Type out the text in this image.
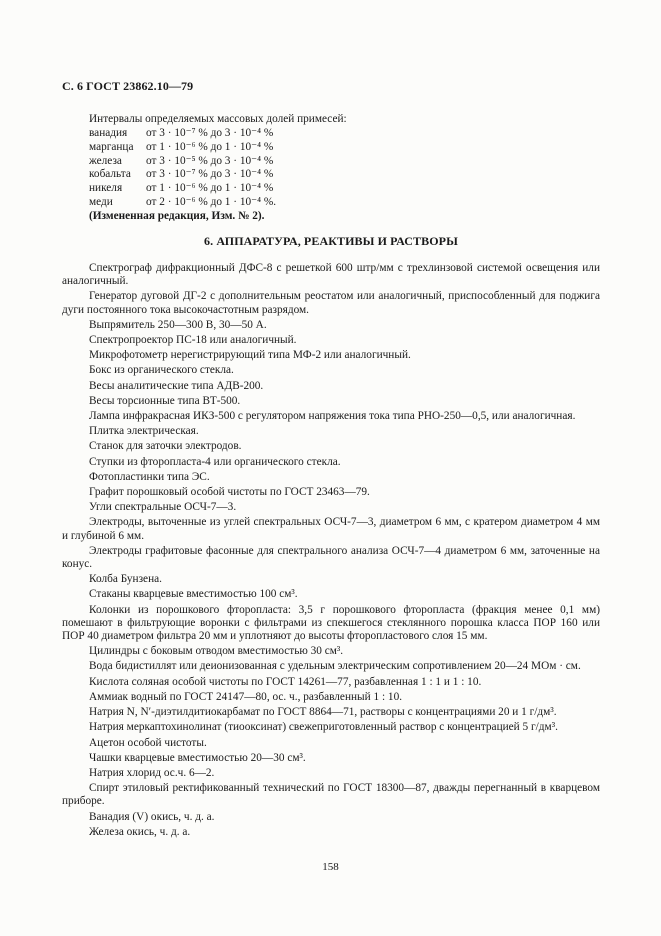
С. 6 ГОСТ 23862.10—79
Интервалы определяемых массовых долей примесей:
ванадия	от 3 · 10⁻⁷ % до 3 · 10⁻⁴ %
марганца	от 1 · 10⁻⁶ % до 1 · 10⁻⁴ %
железа	от 3 · 10⁻⁵ % до 3 · 10⁻⁴ %
кобальта	от 3 · 10⁻⁷ % до 3 · 10⁻⁴ %
никеля	от 1 · 10⁻⁶ % до 1 · 10⁻⁴ %
меди	от 2 · 10⁻⁶ % до 1 · 10⁻⁴ %.
(Измененная редакция, Изм. № 2).	
6. АППАРАТУРА, РЕАКТИВЫ И РАСТВОРЫ

Спектрограф дифракционный ДФС-8 с решеткой 600 штр/мм с трехлинзовой системой освещения или аналогичный.

Генератор дуговой ДГ-2 с дополнительным реостатом или аналогичный, приспособленный для поджига дуги постоянного тока высокочастотным разрядом.

Выпрямитель 250—300 В, 30—50 А.

Спектропроектор ПС-18 или аналогичный.

Микрофотометр нерегистрирующий типа МФ-2 или аналогичный.

Бокс из органического стекла.

Весы аналитические типа АДВ-200.

Весы торсионные типа ВТ-500.

Лампа инфракрасная ИКЗ-500 с регулятором напряжения тока типа РНО-250—0,5, или аналогичная.

Плитка электрическая.

Станок для заточки электродов.

Ступки из фторопласта-4 или органического стекла.

Фотопластинки типа ЭС.

Графит порошковый особой чистоты по ГОСТ 23463—79.

Угли спектральные ОСЧ-7—3.

Электроды, выточенные из углей спектральных ОСЧ-7—3, диаметром 6 мм, с кратером диаметром 4 мм и глубиной 6 мм.

Электроды графитовые фасонные для спектрального анализа ОСЧ-7—4 диаметром 6 мм, заточенные на конус.

Колба Бунзена.

Стаканы кварцевые вместимостью 100 см³.

Колонки из порошкового фторопласта: 3,5 г порошкового фторопласта (фракция менее 0,1 мм) помешают в фильтрующие воронки с фильтрами из спекшегося стеклянного порошка класса ПОР 160 или ПОР 40 диаметром фильтра 20 мм и уплотняют до высоты фторопластового слоя 15 мм.

Цилиндры с боковым отводом вместимостью 30 см³.

Вода бидистиллят или деионизованная с удельным электрическим сопротивлением 20—24 МОм · см.

Кислота соляная особой чистоты по ГОСТ 14261—77, разбавленная 1 : 1 и 1 : 10.

Аммиак водный по ГОСТ 24147—80, ос. ч., разбавленный 1 : 10.

Натрия N, N′-диэтилдитиокарбамат по ГОСТ 8864—71, растворы с концентрациями 20 и 1 г/дм³.

Натрия меркаптохинолинат (тиооксинат) свежеприготовленный раствор с концентрацией 5 г/дм³.

Ацетон особой чистоты.

Чашки кварцевые вместимостью 20—30 см³.

Натрия хлорид ос.ч. 6—2.

Спирт этиловый ректификованный технический по ГОСТ 18300—87, дважды перегнанный в кварцевом приборе.

Ванадия (V) окись, ч. д. а.

Железа окись, ч. д. а.

158
